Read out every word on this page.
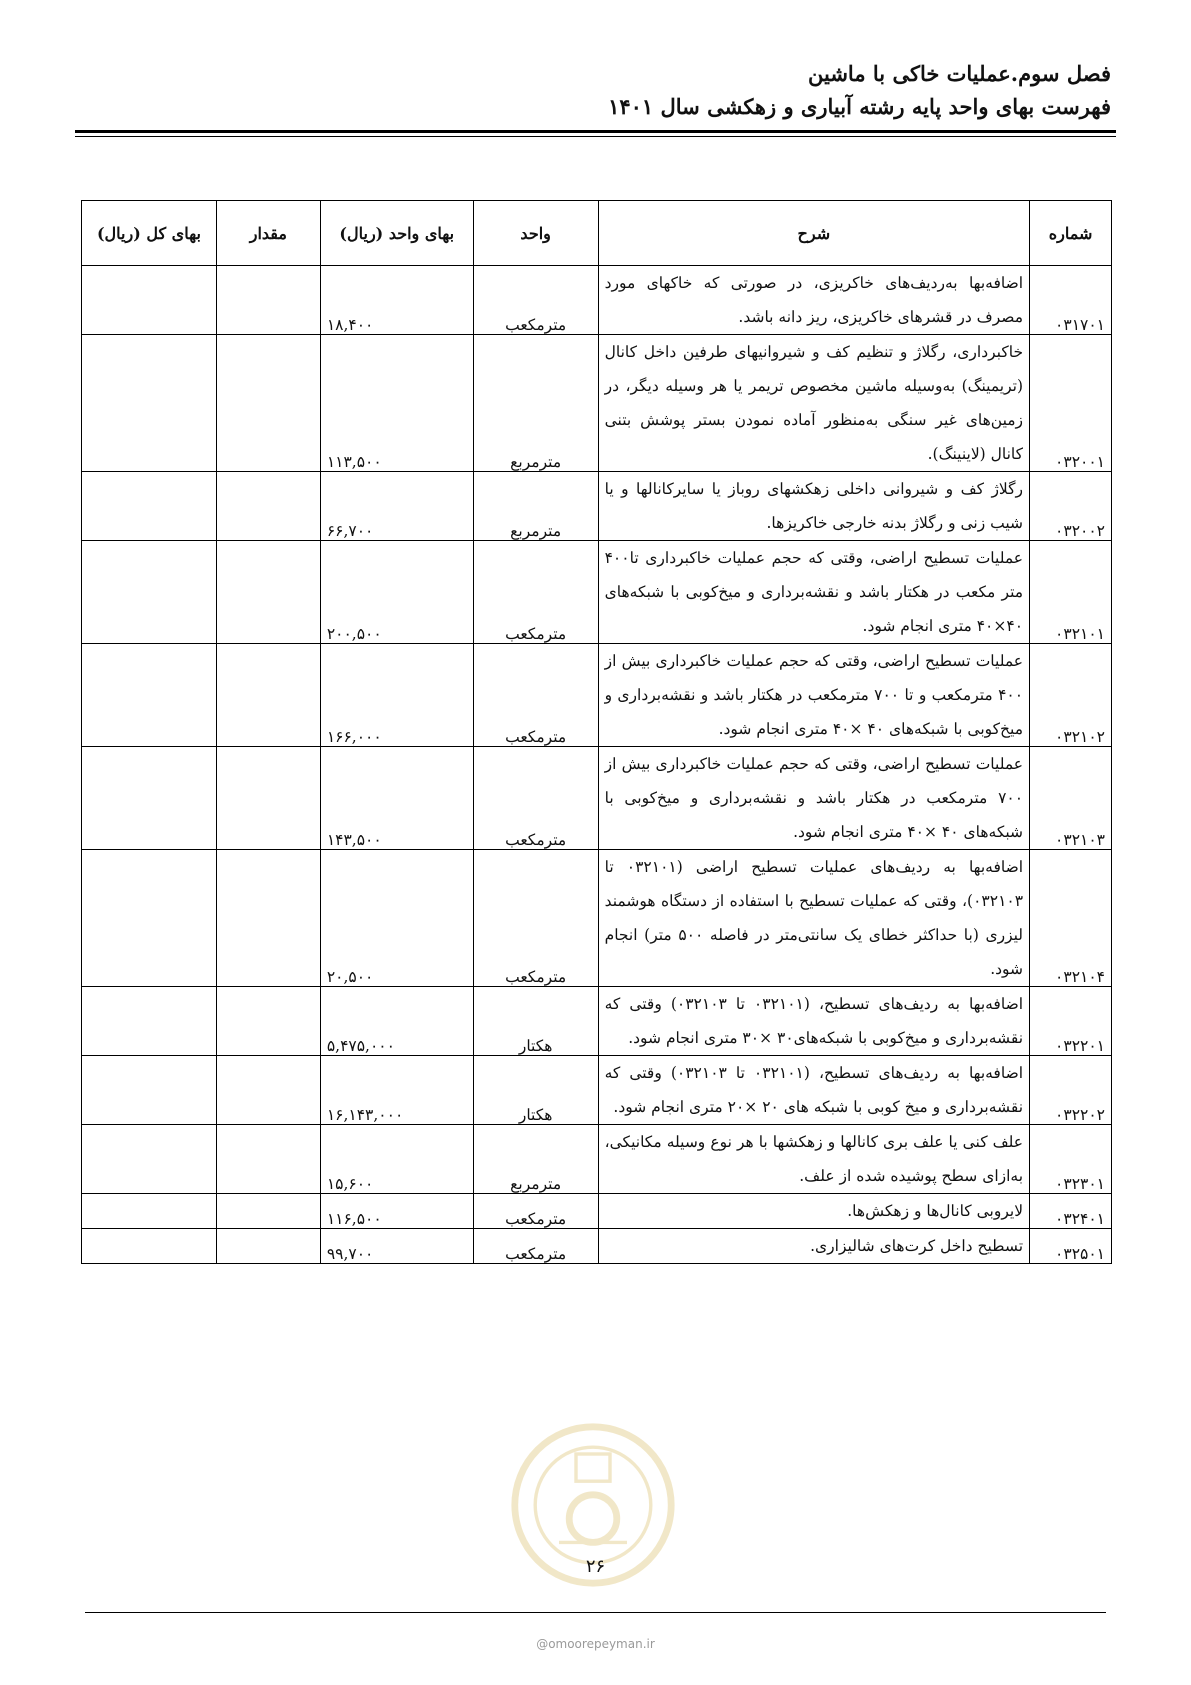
فصل سوم.عملیات خاکی با ماشین
فهرست بهای واحد پایه رشته آبیاری و زهکشی سال ۱۴۰۱
شماره	شرح	واحد	بهای واحد (ریال)	مقدار	بهای کل (ریال)
۰۳۱۷۰۱	اضافه‌بها به‌ردیف‌های خاکریزی، در صورتی که خاکهای مورد مصرف در قشرهای خاکریزی، ریز دانه باشد.	مترمکعب	۱۸,۴۰۰		
۰۳۲۰۰۱	خاکبرداری، رگلاژ و تنظیم کف و شیروانیهای طرفین داخل کانال (تریمینگ) به‌وسیله ماشین مخصوص تریمر یا هر وسیله دیگر، در زمین‌های غیر سنگی به‌منظور آماده نمودن بستر پوشش بتنی کانال (لاینینگ).	مترمربع	۱۱۳,۵۰۰		
۰۳۲۰۰۲	رگلاژ کف و شیروانی داخلی زهکشهای روباز یا سایرکانالها و یا شیب زنی و رگلاژ بدنه خارجی خاکریزها.	مترمربع	۶۶,۷۰۰		
۰۳۲۱۰۱	عملیات تسطیح اراضی، وقتی که حجم عملیات خاکبرداری تا۴۰۰ متر مکعب در هکتار باشد و نقشه‌برداری و میخ‌کوبی با شبکه‌های ۴۰×۴۰ متری انجام شود.	مترمکعب	۲۰۰,۵۰۰		
۰۳۲۱۰۲	عملیات تسطیح اراضی، وقتی که حجم عملیات خاکبرداری بیش از ۴۰۰ مترمکعب و تا ۷۰۰ مترمکعب در هکتار باشد و نقشه‌برداری و میخ‌کوبی با شبکه‌های ۴۰ ×۴۰ متری انجام شود.	مترمکعب	۱۶۶,۰۰۰		
۰۳۲۱۰۳	عملیات تسطیح اراضی، وقتی که حجم عملیات خاکبرداری بیش از ۷۰۰ مترمکعب در هکتار باشد و نقشه‌برداری و میخ‌کوبی با شبکه‌های ۴۰ ×۴۰ متری انجام شود.	مترمکعب	۱۴۳,۵۰۰		
۰۳۲۱۰۴	اضافه‌بها به ردیف‌های عملیات تسطیح اراضی (۰۳۲۱۰۱ تا ۰۳۲۱۰۳)، وقتی که عملیات تسطیح با استفاده از دستگاه هوشمند لیزری (با حداکثر خطای یک سانتی‌متر در فاصله ۵۰۰ متر) انجام شود.	مترمکعب	۲۰,۵۰۰		
۰۳۲۲۰۱	اضافه‌بها به ردیف‌های تسطیح، (۰۳۲۱۰۱ تا ۰۳۲۱۰۳) وقتی که نقشه‌برداری و میخ‌کوبی با شبکه‌های۳۰ ×۳۰ متری انجام شود.	هکتار	۵,۴۷۵,۰۰۰		
۰۳۲۲۰۲	اضافه‌بها به ردیف‌های تسطیح، (۰۳۲۱۰۱ تا ۰۳۲۱۰۳) وقتی که نقشه‌برداری و میخ کوبی با شبکه های ۲۰ ×۲۰ متری انجام شود.	هکتار	۱۶,۱۴۳,۰۰۰		
۰۳۲۳۰۱	علف کنی یا علف بری کانالها و زهکشها با هر نوع وسیله مکانیکی، به‌ازای سطح پوشیده شده از علف.	مترمربع	۱۵,۶۰۰		
۰۳۲۴۰۱	لایروبی کانال‌ها و زهکش‌ها.	مترمکعب	۱۱۶,۵۰۰		
۰۳۲۵۰۱	تسطیح داخل کرت‌های شالیزاری.	مترمکعب	۹۹,۷۰۰		
۲۶
@omoorepeyman.ir
